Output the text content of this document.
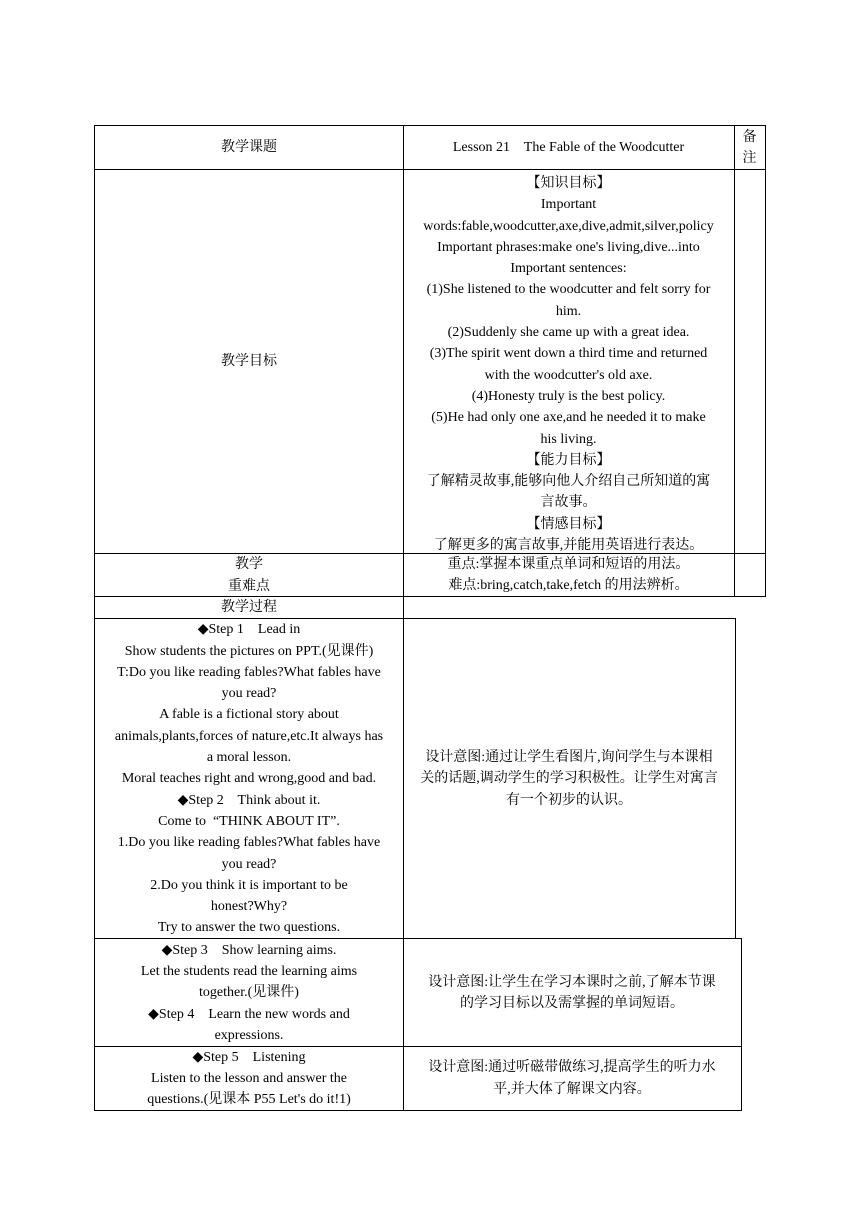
教学课题	Lesson 21    The Fable of the Woodcutter
备
注
教学目标
【知识目标】
Important
words:fable,woodcutter,axe,dive,admit,silver,policy
Important phrases:make one's living,dive...into
Important sentences:
(1)She listened to the woodcutter and felt sorry for
him.
(2)Suddenly she came up with a great idea.
(3)The spirit went down a third time and returned
with the woodcutter's old axe.
(4)Honesty truly is the best policy.
(5)He had only one axe,and he needed it to make
his living.
【能力目标】
了解精灵故事,能够向他人介绍自己所知道的寓
言故事。
【情感目标】
了解更多的寓言故事,并能用英语进行表达。
教学
重难点
重点:掌握本课重点单词和短语的用法。
难点:bring,catch,take,fetch 的用法辨析。
教学过程
◆Step 1    Lead in
Show students the pictures on PPT.(见课件)
T:Do you like reading fables?What fables have
you read?
A fable is a fictional story about
animals,plants,forces of nature,etc.It always has
a moral lesson.
Moral teaches right and wrong,good and bad.
◆Step 2    Think about it.
Come to  “THINK ABOUT IT”.
1.Do you like reading fables?What fables have
you read?
2.Do you think it is important to be
honest?Why?
Try to answer the two questions.
设计意图:通过让学生看图片,询问学生与本课相
关的话题,调动学生的学习积极性。让学生对寓言
有一个初步的认识。
◆Step 3    Show learning aims.
Let the students read the learning aims
together.(见课件)
◆Step 4    Learn the new words and
expressions.
设计意图:让学生在学习本课时之前,了解本节课
的学习目标以及需掌握的单词短语。
◆Step 5    Listening
Listen to the lesson and answer the
questions.(见课本 P55 Let's do it!1)
设计意图:通过听磁带做练习,提高学生的听力水
平,并大体了解课文内容。
